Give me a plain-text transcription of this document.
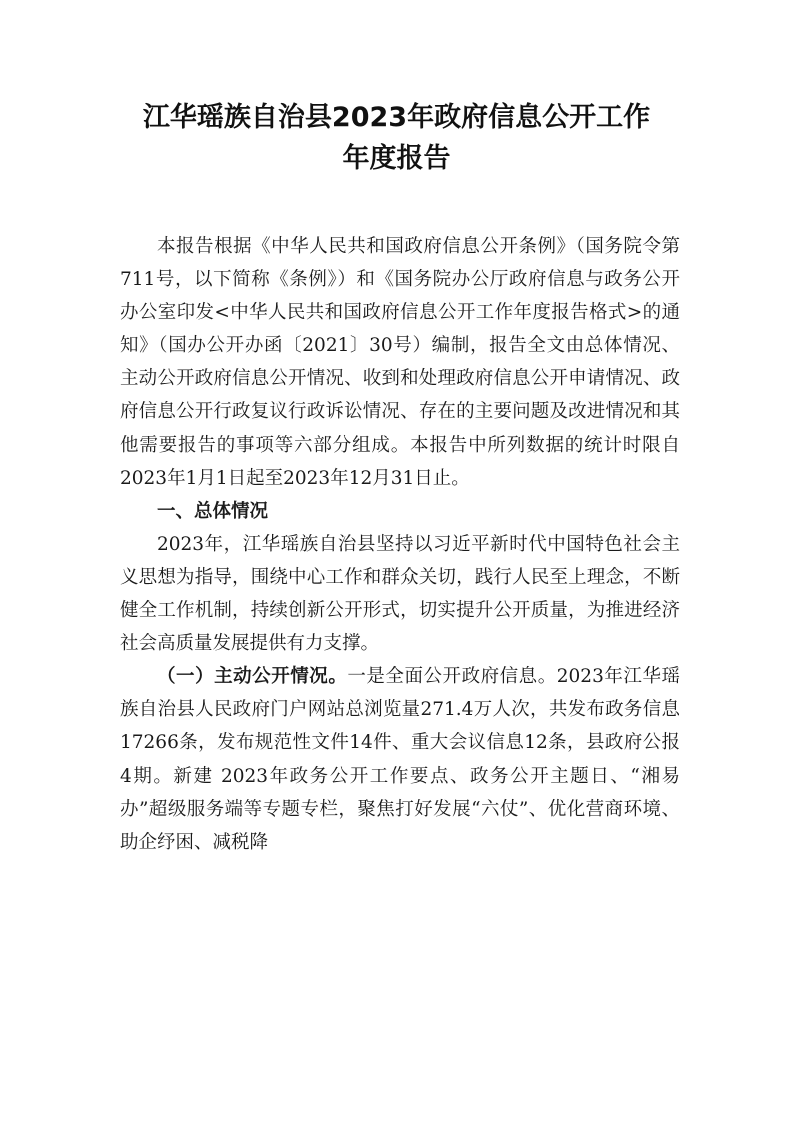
江华瑶族自治县2023年政府信息公开工作
年度报告

本报告根据《中华人民共和国政府信息公开条例》（国务院令第711号，以下简称《条例》）和《国务院办公厅政府信息与政务公开办公室印发<中华人民共和国政府信息公开工作年度报告格式>的通知》（国办公开办函〔2021〕30号）编制，报告全文由总体情况、主动公开政府信息公开情况、收到和处理政府信息公开申请情况、政府信息公开行政复议行政诉讼情况、存在的主要问题及改进情况和其他需要报告的事项等六部分组成。本报告中所列数据的统计时限自2023年1月1日起至2023年12月31日止。

一、总体情况

2023年，江华瑶族自治县坚持以习近平新时代中国特色社会主义思想为指导，围绕中心工作和群众关切，践行人民至上理念，不断健全工作机制，持续创新公开形式，切实提升公开质量，为推进经济社会高质量发展提供有力支撑。

（一）主动公开情况。一是全面公开政府信息。2023年江华瑶族自治县人民政府门户网站总浏览量271.4万人次，共发布政务信息17266条，发布规范性文件14件、重大会议信息12条，县政府公报4期。新建 2023年政务公开工作要点、政务公开主题日、“湘易办”超级服务端等专题专栏，聚焦打好发展“六仗”、优化营商环境、助企纾困、减税降
